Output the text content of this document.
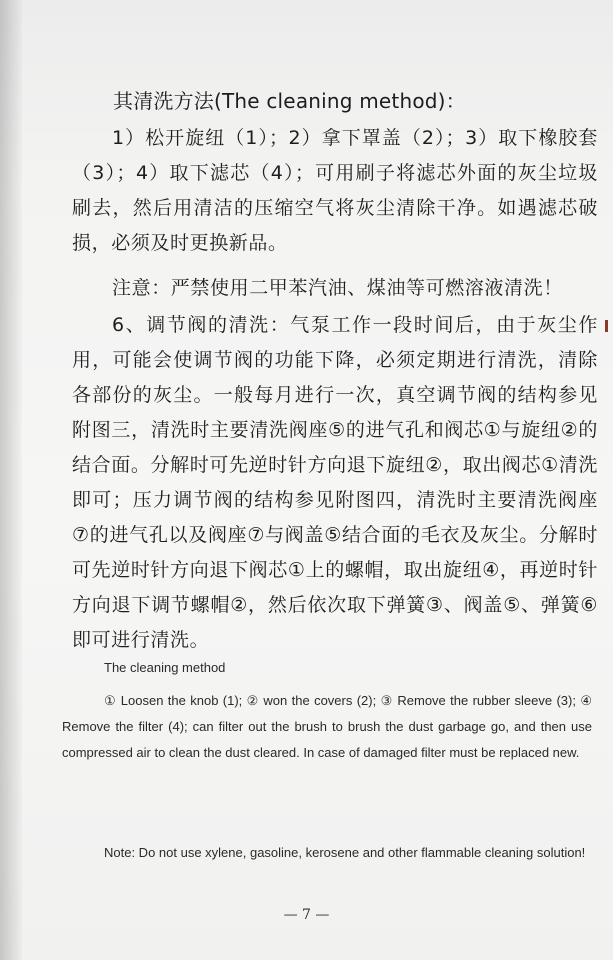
其清洗方法(The cleaning method)：
1）松开旋纽（1）；2）拿下罩盖（2）；3）取下橡胶套（3）；4）取下滤芯（4）；可用刷子将滤芯外面的灰尘垃圾刷去，然后用清洁的压缩空气将灰尘清除干净。如遇滤芯破损，必须及时更换新品。
注意：严禁使用二甲苯汽油、煤油等可燃溶液清洗！
6、调节阀的清洗：气泵工作一段时间后，由于灰尘作用，可能会使调节阀的功能下降，必须定期进行清洗，清除各部份的灰尘。一般每月进行一次，真空调节阀的结构参见附图三，清洗时主要清洗阀座⑤的进气孔和阀芯①与旋纽②的结合面。分解时可先逆时针方向退下旋纽②，取出阀芯①清洗即可；压力调节阀的结构参见附图四，清洗时主要清洗阀座⑦的进气孔以及阀座⑦与阀盖⑤结合面的毛衣及灰尘。分解时可先逆时针方向退下阀芯①上的螺帽，取出旋纽④，再逆时针方向退下调节螺帽②，然后依次取下弹簧③、阀盖⑤、弹簧⑥即可进行清洗。
The cleaning method
① Loosen the knob (1); ② won the covers (2); ③ Remove the rubber sleeve (3); ④ Remove the filter (4); can filter out the brush to brush the dust garbage go, and then use compressed air to clean the dust cleared. In case of damaged filter must be replaced new.
Note: Do not use xylene, gasoline, kerosene and other flammable cleaning solution!
— 7 —
